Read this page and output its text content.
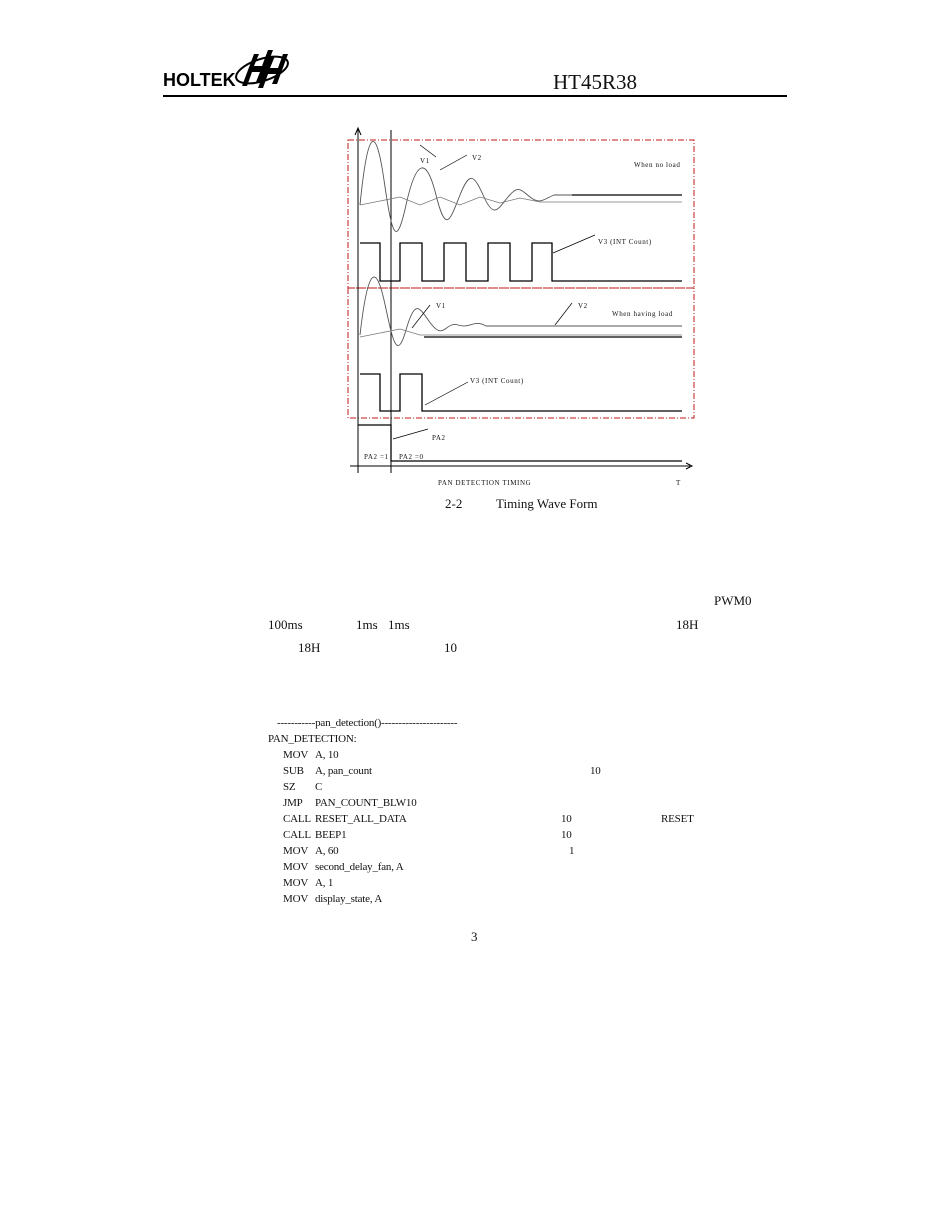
HOLTEK	HT45R38
V1	V2
When no load
V3 (INT Count)
V1	V2
When having load
V3 (INT Count)
PA2
PA2 =1 PA2 =0
PAN DETECTION TIMING	T
2-2	Timing Wave Form
PWM0
100ms	1ms 1ms	18H
18H	10
-----------pan_detection()----------------------
PAN_DETECTION:
MOV A, 10
SUB A, pan_count	10
SZ C
JMP PAN_COUNT_BLW10
CALL RESET_ALL_DATA	10	RESET
CALL BEEP1	10
MOV A, 60	1
MOV second_delay_fan, A
MOV A, 1
MOV display_state, A
3
